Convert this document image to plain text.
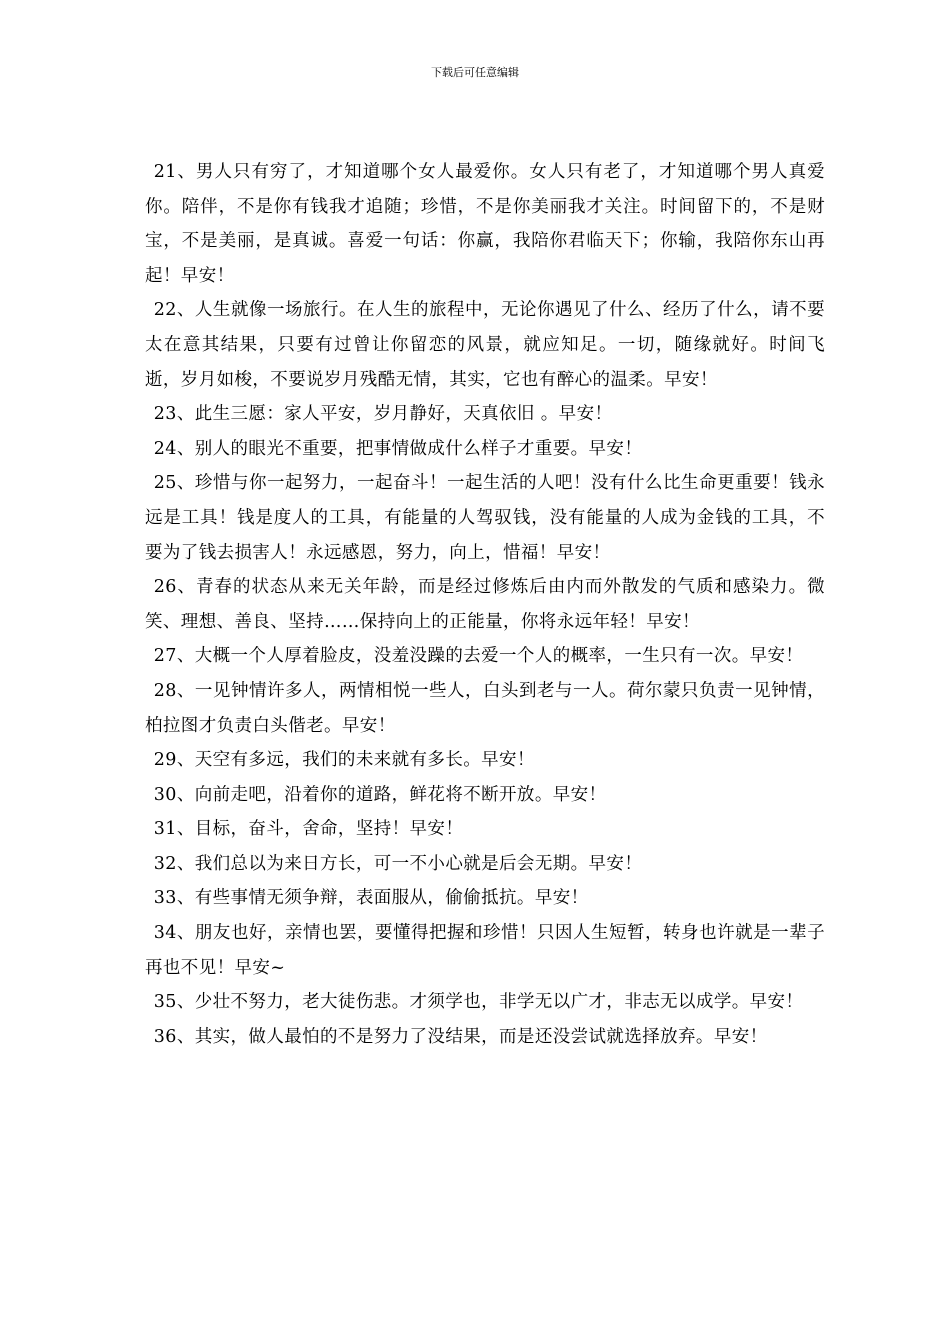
下载后可任意编辑

21、男人只有穷了，才知道哪个女人最爱你。女人只有老了，才知道哪个男人真爱你。陪伴，不是你有钱我才追随；珍惜，不是你美丽我才关注。时间留下的，不是财宝，不是美丽，是真诚。喜爱一句话：你赢，我陪你君临天下；你输，我陪你东山再起！早安！

22、人生就像一场旅行。在人生的旅程中，无论你遇见了什么、经历了什么，请不要太在意其结果，只要有过曾让你留恋的风景，就应知足。一切，随缘就好。时间飞逝，岁月如梭，不要说岁月残酷无情，其实，它也有醉心的温柔。早安！

23、此生三愿：家人平安，岁月静好，天真依旧 。早安！

24、别人的眼光不重要，把事情做成什么样子才重要。早安！

25、珍惜与你一起努力，一起奋斗！一起生活的人吧！没有什么比生命更重要！钱永远是工具！钱是度人的工具，有能量的人驾驭钱，没有能量的人成为金钱的工具，不要为了钱去损害人！永远感恩，努力，向上，惜福！早安！

26、青春的状态从来无关年龄，而是经过修炼后由内而外散发的气质和感染力。微笑、理想、善良、坚持……保持向上的正能量，你将永远年轻！早安！

27、大概一个人厚着脸皮，没羞没躁的去爱一个人的概率，一生只有一次。早安！

28、一见钟情许多人，两情相悦一些人，白头到老与一人。荷尔蒙只负责一见钟情，柏拉图才负责白头偕老。早安！

29、天空有多远，我们的未来就有多长。早安！

30、向前走吧，沿着你的道路，鲜花将不断开放。早安！

31、目标，奋斗，舍命，坚持！早安！

32、我们总以为来日方长，可一不小心就是后会无期。早安！

33、有些事情无须争辩，表面服从，偷偷抵抗。早安！

34、朋友也好，亲情也罢，要懂得把握和珍惜！只因人生短暂，转身也许就是一辈子再也不见！早安~

35、少壮不努力，老大徒伤悲。才须学也，非学无以广才，非志无以成学。早安！

36、其实，做人最怕的不是努力了没结果，而是还没尝试就选择放弃。早安！
